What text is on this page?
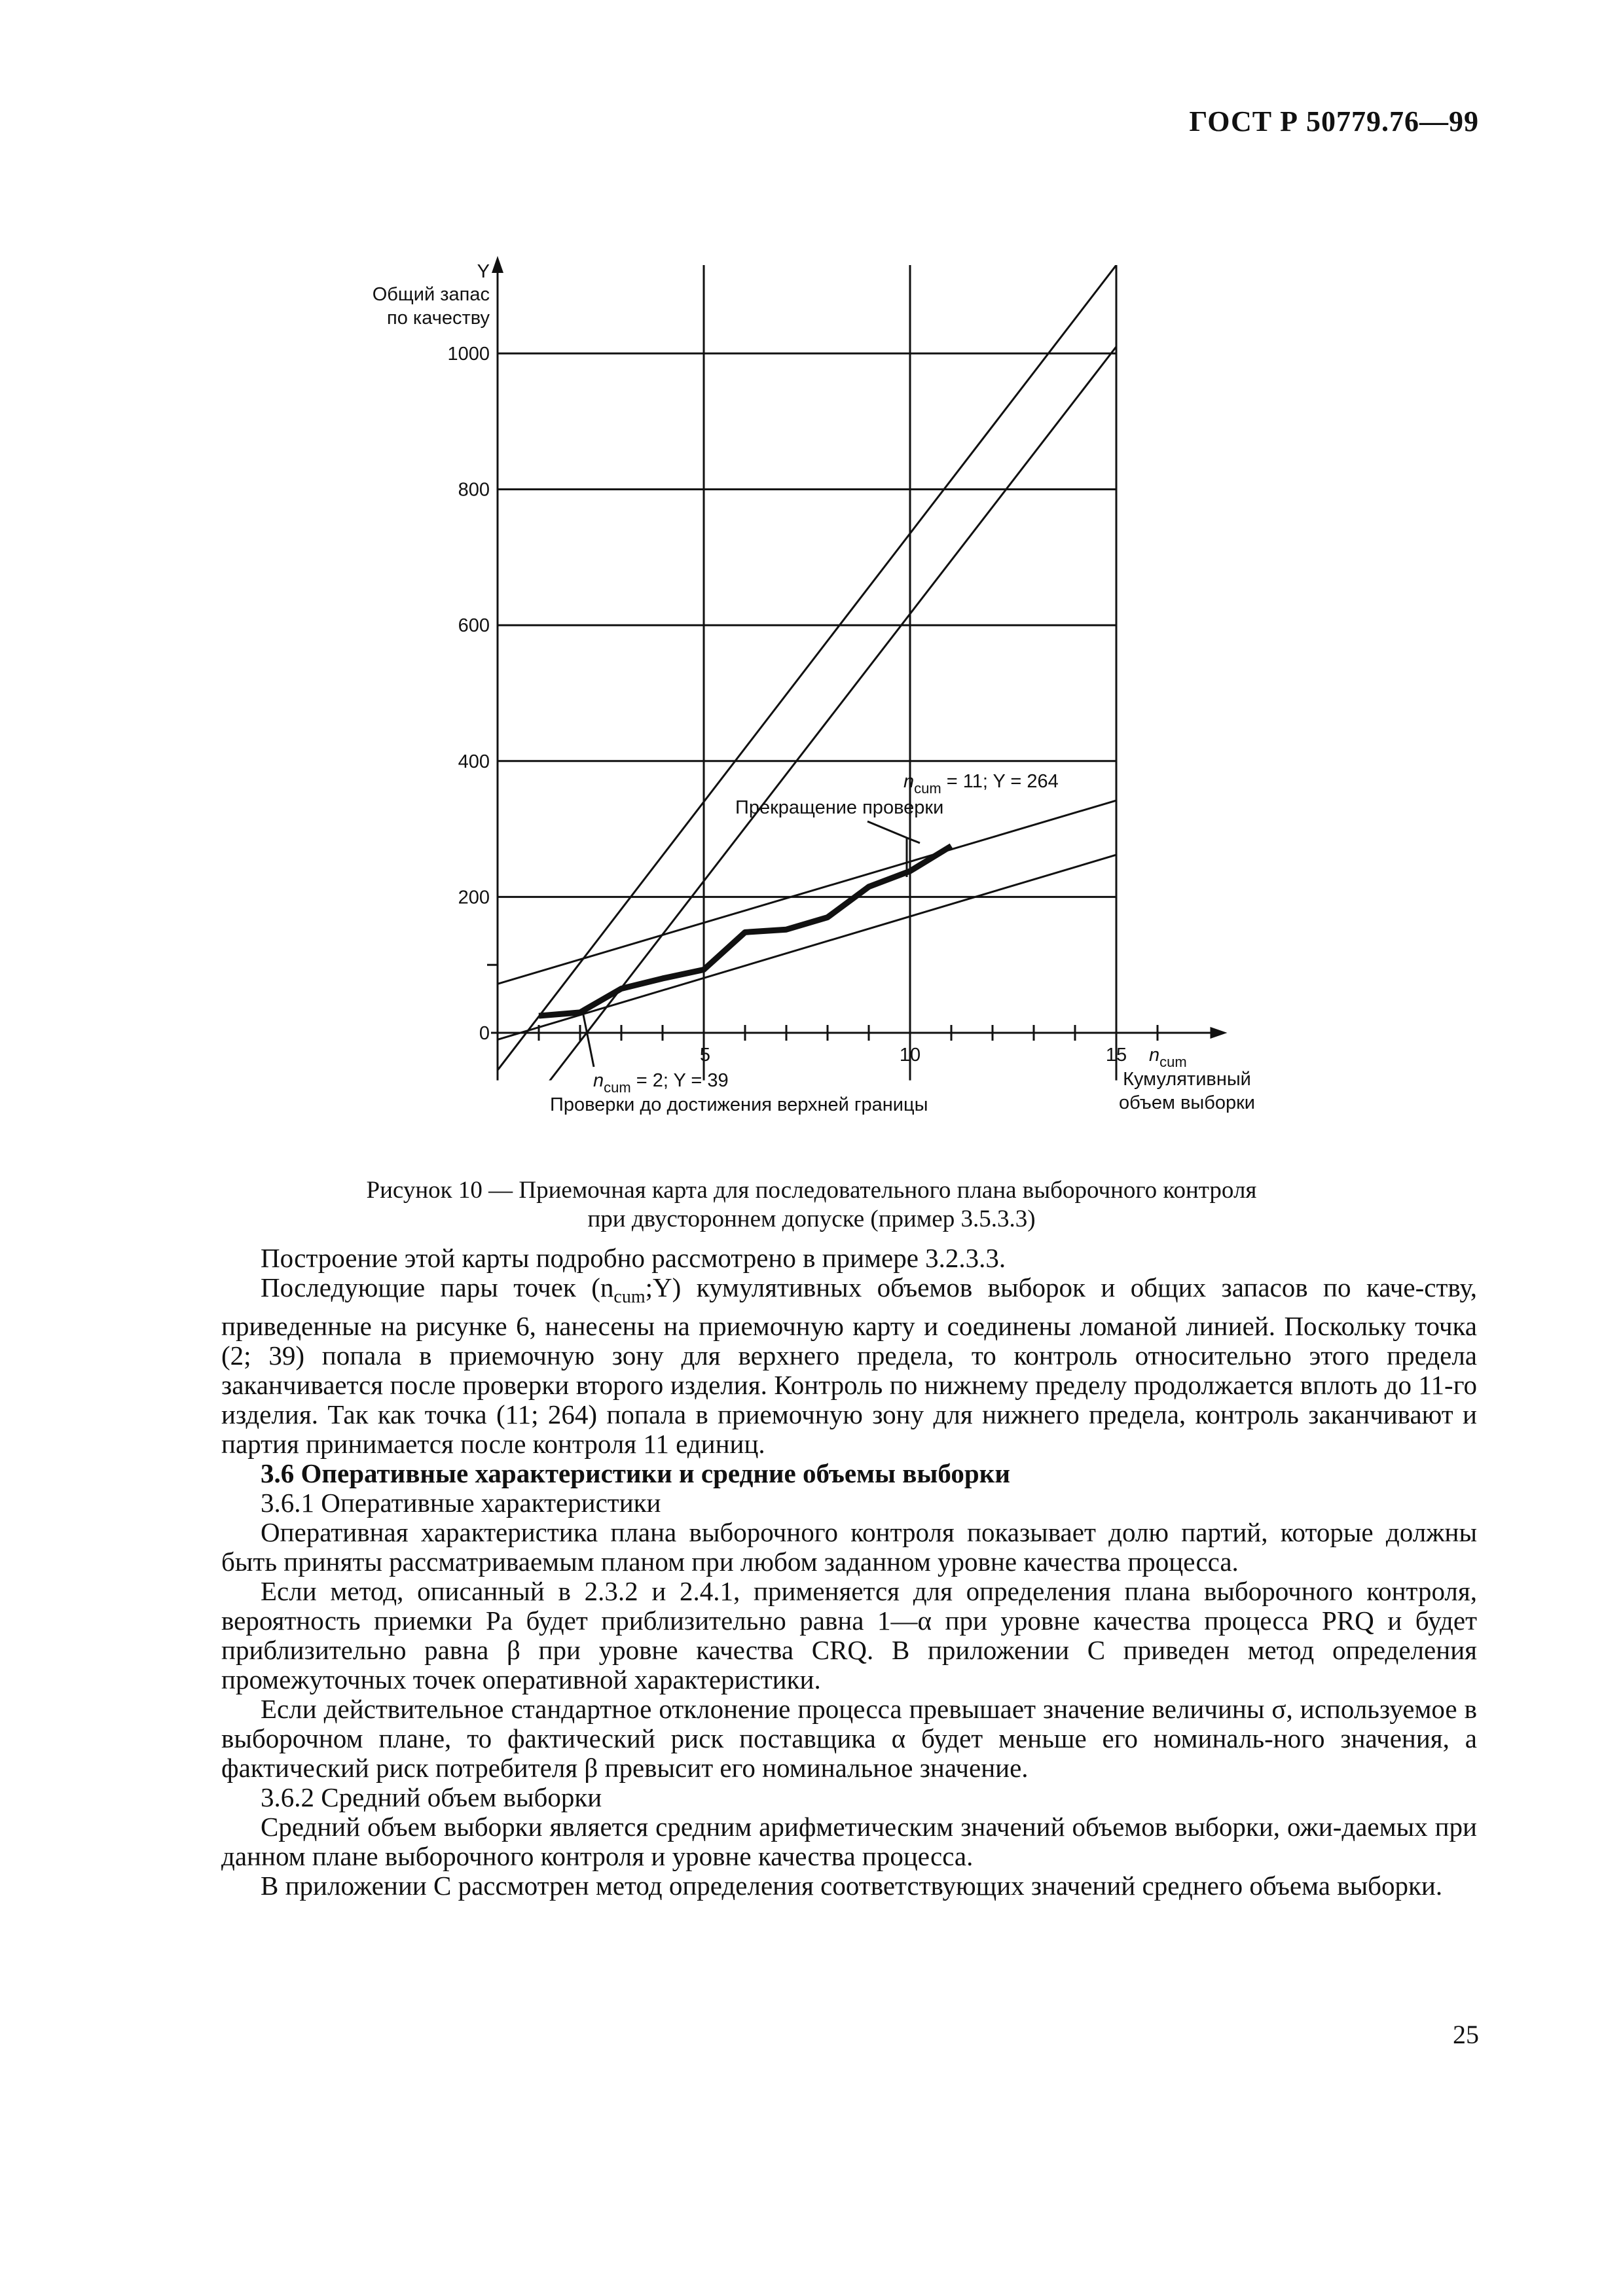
ГОСТ Р 50779.76—99
0
200
400
600
800
1000
5	10	15
Y
Общий запас
по качеству
$n_{cum}$
Кумулятивный
объем выборки
$n_{cum} = 11$; Y = 264
Прекращение проверки
$n_{cum} = 2$; Y = 39
Проверки до достижения верхней границы
Рисунок 10 — Приемочная карта для последовательного плана выборочного контроля
при двустороннем допуске (пример 3.5.3.3)
Построение этой карты подробно рассмотрено в примере 3.2.3.3.
Последующие пары точек $(n_{cum};Y)$ кумулятивных объемов выборок и общих запасов по каче-ству, приведенные на рисунке 6, нанесены на приемочную карту и соединены ломаной линией. Поскольку точка (2; 39) попала в приемочную зону для верхнего предела, то контроль относительно этого предела заканчивается после проверки второго изделия. Контроль по нижнему пределу продолжается вплоть до 11-го изделия. Так как точка (11; 264) попала в приемочную зону для нижнего предела, контроль заканчивают и партия принимается после контроля 11 единиц.
3.6 Оперативные характеристики и средние объемы выборки
3.6.1 Оперативные характеристики
Оперативная характеристика плана выборочного контроля показывает долю партий, которые должны быть приняты рассматриваемым планом при любом заданном уровне качества процесса.
Если метод, описанный в 2.3.2 и 2.4.1, применяется для определения плана выборочного контроля, вероятность приемки Pa будет приблизительно равна 1—α при уровне качества процесса PRQ и будет приблизительно равна β при уровне качества CRQ. В приложении С приведен метод определения промежуточных точек оперативной характеристики.
Если действительное стандартное отклонение процесса превышает значение величины σ, используемое в выборочном плане, то фактический риск поставщика α будет меньше его номиналь-ного значения, а фактический риск потребителя β превысит его номинальное значение.
3.6.2 Средний объем выборки
Средний объем выборки является средним арифметическим значений объемов выборки, ожи-даемых при данном плане выборочного контроля и уровне качества процесса.
В приложении С рассмотрен метод определения соответствующих значений среднего объема выборки.
25
